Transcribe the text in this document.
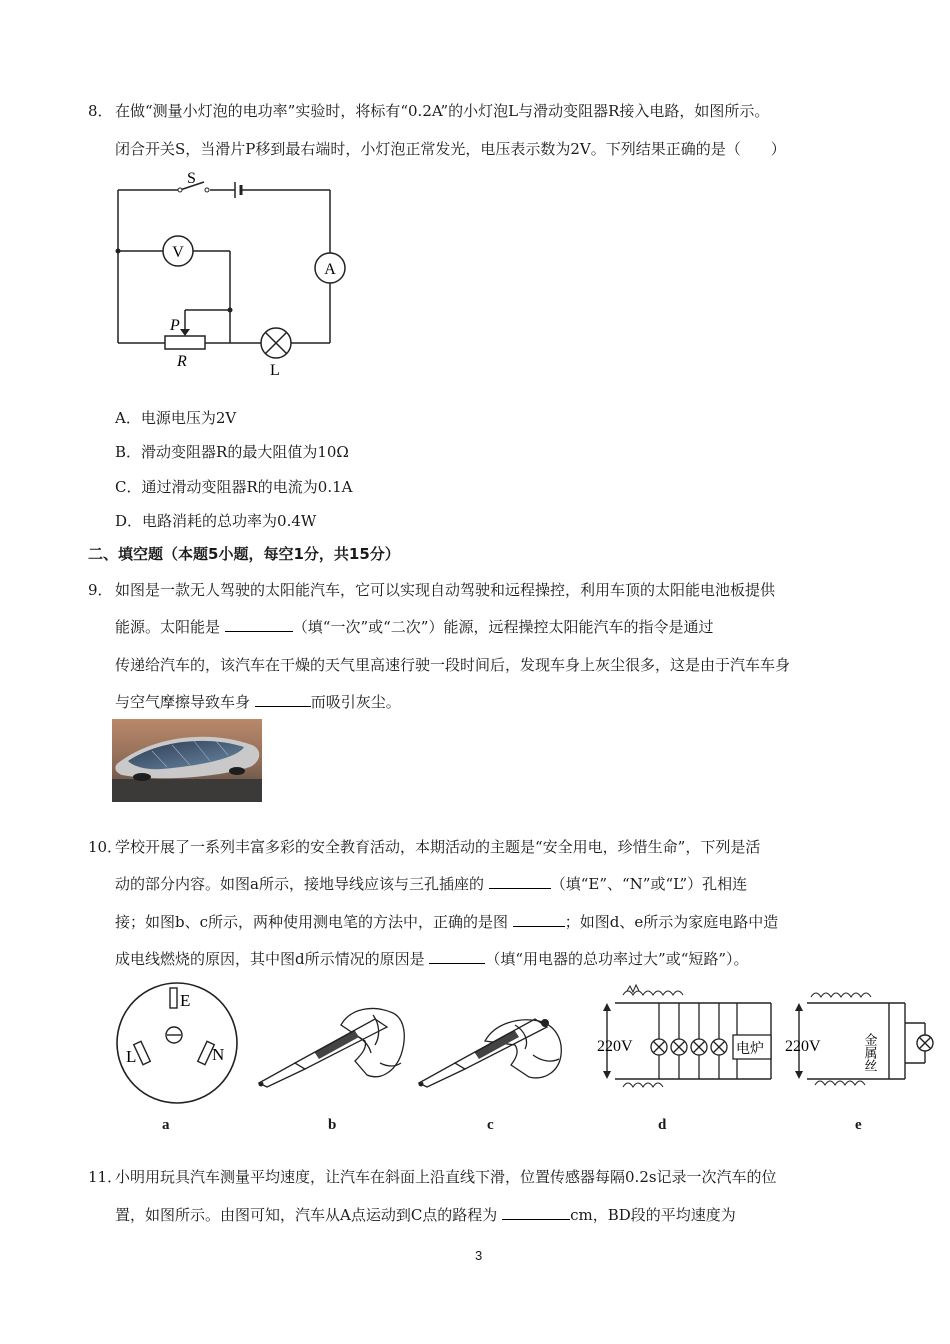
8． 在做“测量小灯泡的电功率”实验时，将标有“0.2A”的小灯泡L与滑动变阻器R接入电路，如图所示。
闭合开关S，当滑片P移到最右端时，小灯泡正常发光，电压表示数为2V。下列结果正确的是（　　）
S
V
A
P
R
L
A．电源电压为2V
B．滑动变阻器R的最大阻值为10Ω
C．通过滑动变阻器R的电流为0.1A
D．电路消耗的总功率为0.4W
二、填空题（本题5小题，每空1分，共15分）
9． 如图是一款无人驾驶的太阳能汽车，它可以实现自动驾驶和远程操控，利用车顶的太阳能电池板提供
能源。太阳能是	（填“一次”或“二次”）能源，远程操控太阳能汽车的指令是通过
传递给汽车的，该汽车在干燥的天气里高速行驶一段时间后，发现车身上灰尘很多，这是由于汽车车身
与空气摩擦导致车身	而吸引灰尘。
10．
学校开展了一系列丰富多彩的安全教育活动，本期活动的主题是“安全用电，珍惜生命”，下列是活
动的部分内容。如图a所示，接地导线应该与三孔插座的	（填“E”、“N”或“L”）孔相连
接；如图b、c所示，两种使用测电笔的方法中，正确的是图	；如图d、e所示为家庭电路中造
成电线燃烧的原因，其中图d所示情况的原因是	（填“用电器的总功率过大”或“短路”）。
E
L	N	220V	电炉 220V	金属丝
a	b	c	d	e
11．
小明用玩具汽车测量平均速度，让汽车在斜面上沿直线下滑，位置传感器每隔0.2s记录一次汽车的位
置，如图所示。由图可知，汽车从A点运动到C点的路程为	cm，BD段的平均速度为
3
